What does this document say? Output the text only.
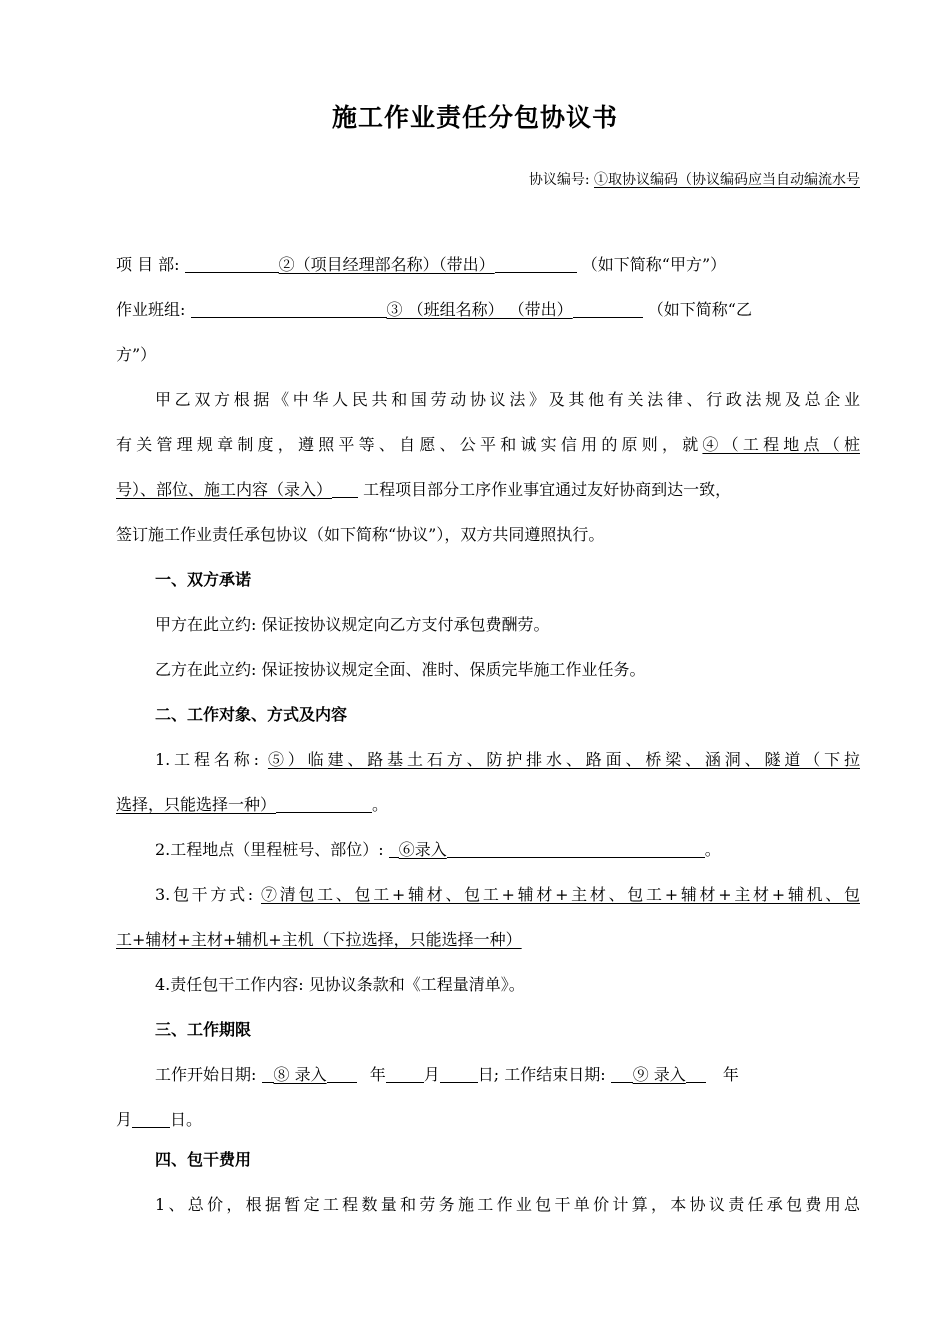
施工作业责任分包协议书
协议编号: ①取协议编码（协议编码应当自动编流水号
项 目 部:	②（项目经理部名称）（带出）	（如下简称“甲方”）
作业班组:	③ （班组名称） （带出）	（如下简称“乙
方”）
甲乙双方根据《中华人民共和国劳动协议法》及其他有关法律、行政法规及总企业
有关管理规章制度，遵照平等、自愿、公平和诚实信用的原则，就④（工程地点（桩
号）、部位、施工内容（录入） 工程项目部分工序作业事宜通过友好协商到达一致，
签订施工作业责任承包协议（如下简称“协议”），双方共同遵照执行。
一、双方承诺
甲方在此立约: 保证按协议规定向乙方支付承包费酬劳。
乙方在此立约: 保证按协议规定全面、准时、保质完毕施工作业任务。
二、工作对象、方式及内容
1.工程名称: ⑤）临建、路基土石方、防护排水、路面、桥梁、涵洞、隧道（下拉
选择，只能选择一种）	。
2.工程地点（里程桩号、部位）: ⑥录入	。
3.包干方式: ⑦清包工、包工+辅材、包工+辅材+主材、包工+辅材+主材+辅机、包
工+辅材+主材+辅机+主机（下拉选择，只能选择一种）
4.责任包干工作内容: 见协议条款和《工程量清单》。
三、工作期限
工作开始日期: ⑧ 录入	年 月 日; 工作结束日期: ⑨ 录入 年
月 日。
四、包干费用
1、总价，根据暂定工程数量和劳务施工作业包干单价计算，本协议责任承包费用总
